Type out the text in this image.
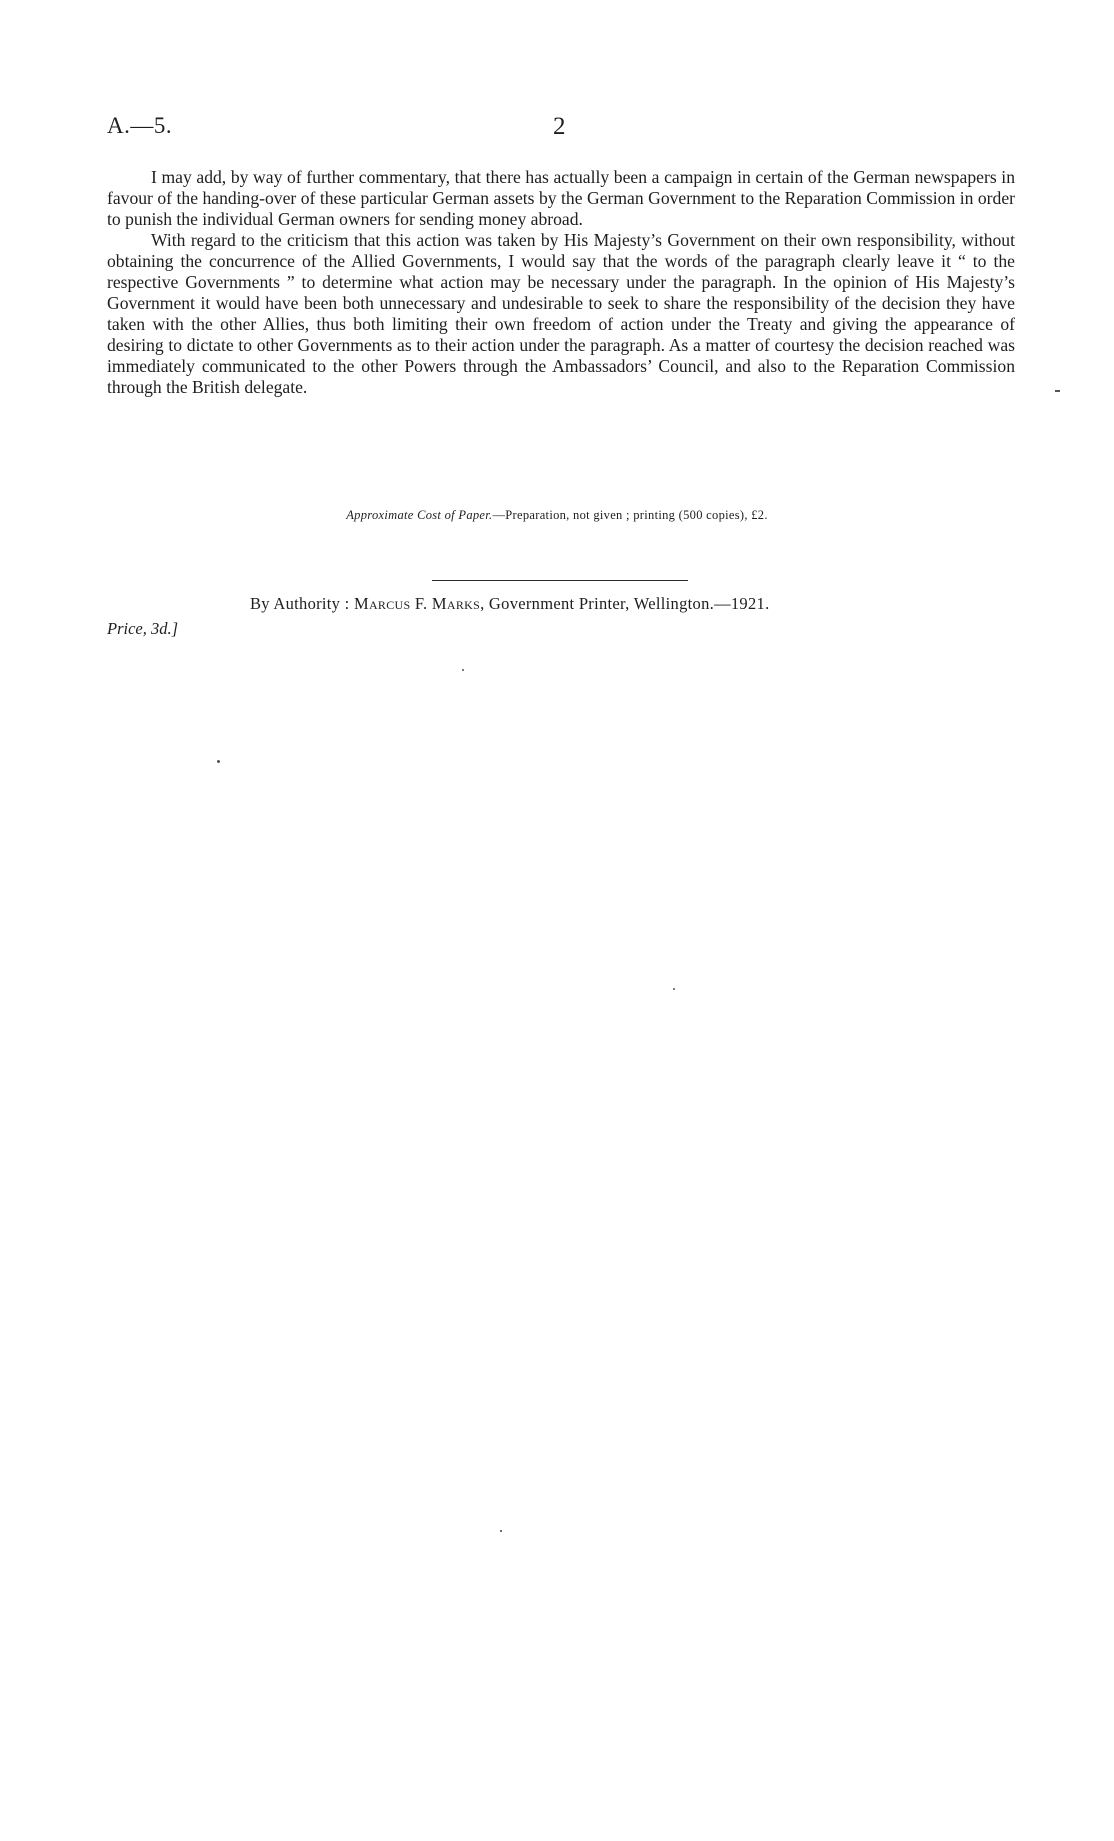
A.—5.	2

I may add, by way of further commentary, that there has actually been a campaign in certain of the German newspapers in favour of the handing-over of these particular German assets by the German Government to the Reparation Commission in order to punish the individual German owners for sending money abroad.

With regard to the criticism that this action was taken by His Majesty’s Government on their own responsibility, without obtaining the concurrence of the Allied Governments, I would say that the words of the paragraph clearly leave it “ to the respective Governments ” to determine what action may be necessary under the paragraph. In the opinion of His Majesty’s Government it would have been both unnecessary and undesirable to seek to share the responsibility of the decision they have taken with the other Allies, thus both limiting their own freedom of action under the Treaty and giving the appearance of desiring to dictate to other Governments as to their action under the paragraph. As a matter of courtesy the decision reached was immediately communicated to the other Powers through the Ambassadors’ Council, and also to the Reparation Commission through the British delegate.

Approximate Cost of Paper.—Preparation, not given ; printing (500 copies), £2.
By Authority : Marcus F. Marks, Government Printer, Wellington.—1921.
Price, 3d.]
